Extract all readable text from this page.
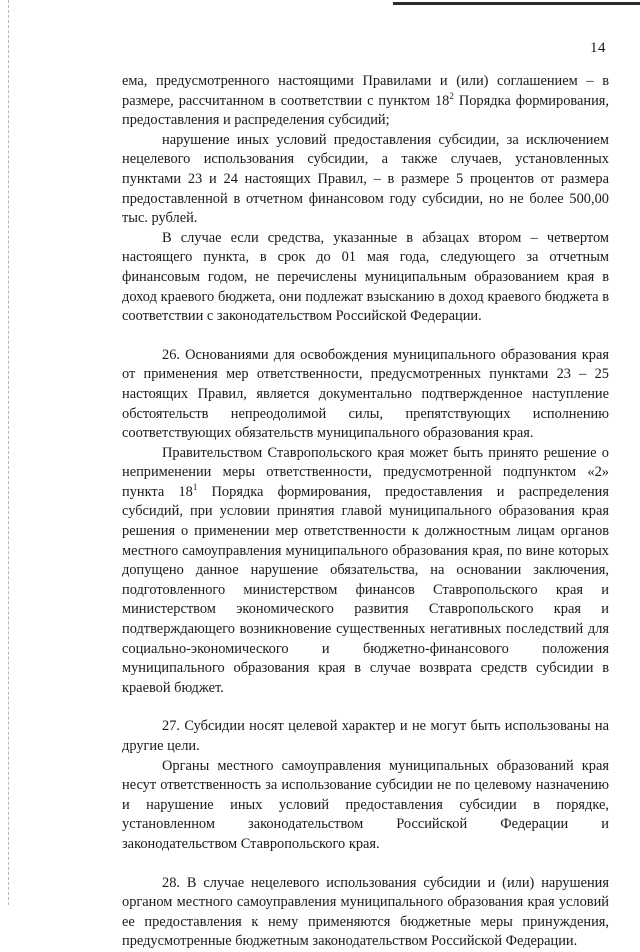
14

ема, предусмотренного настоящими Правилами и (или) соглашением – в размере, рассчитанном в соответствии с пунктом $18^2$ Порядка формирования, предоставления и распределения субсидий;

нарушение иных условий предоставления субсидии, за исключением нецелевого использования субсидии, а также случаев, установленных пунктами 23 и 24 настоящих Правил, – в размере 5 процентов от размера предоставленной в отчетном финансовом году субсидии, но не более 500,00 тыс. рублей.

В случае если средства, указанные в абзацах втором – четвертом настоящего пункта, в срок до 01 мая года, следующего за отчетным финансовым годом, не перечислены муниципальным образованием края в доход краевого бюджета, они подлежат взысканию в доход краевого бюджета в соответствии с законодательством Российской Федерации.

26. Основаниями для освобождения муниципального образования края от применения мер ответственности, предусмотренных пунктами 23 – 25 настоящих Правил, является документально подтвержденное наступление обстоятельств непреодолимой силы, препятствующих исполнению соответствующих обязательств муниципального образования края.

Правительством Ставропольского края может быть принято решение о неприменении меры ответственности, предусмотренной подпунктом «2» пункта $18^1$ Порядка формирования, предоставления и распределения субсидий, при условии принятия главой муниципального образования края решения о применении мер ответственности к должностным лицам органов местного самоуправления муниципального образования края, по вине которых допущено данное нарушение обязательства, на основании заключения, подготовленного министерством финансов Ставропольского края и министерством экономического развития Ставропольского края и подтверждающего возникновение существенных негативных последствий для социально-экономического и бюджетно-финансового положения муниципального образования края в случае возврата средств субсидии в краевой бюджет.

27. Субсидии носят целевой характер и не могут быть использованы на другие цели.

Органы местного самоуправления муниципальных образований края несут ответственность за использование субсидии не по целевому назначению и нарушение иных условий предоставления субсидии в порядке, установленном законодательством Российской Федерации и законодательством Ставропольского края.

28. В случае нецелевого использования субсидии и (или) нарушения органом местного самоуправления муниципального образования края условий ее предоставления к нему применяются бюджетные меры принуждения, предусмотренные бюджетным законодательством Российской Федерации.
